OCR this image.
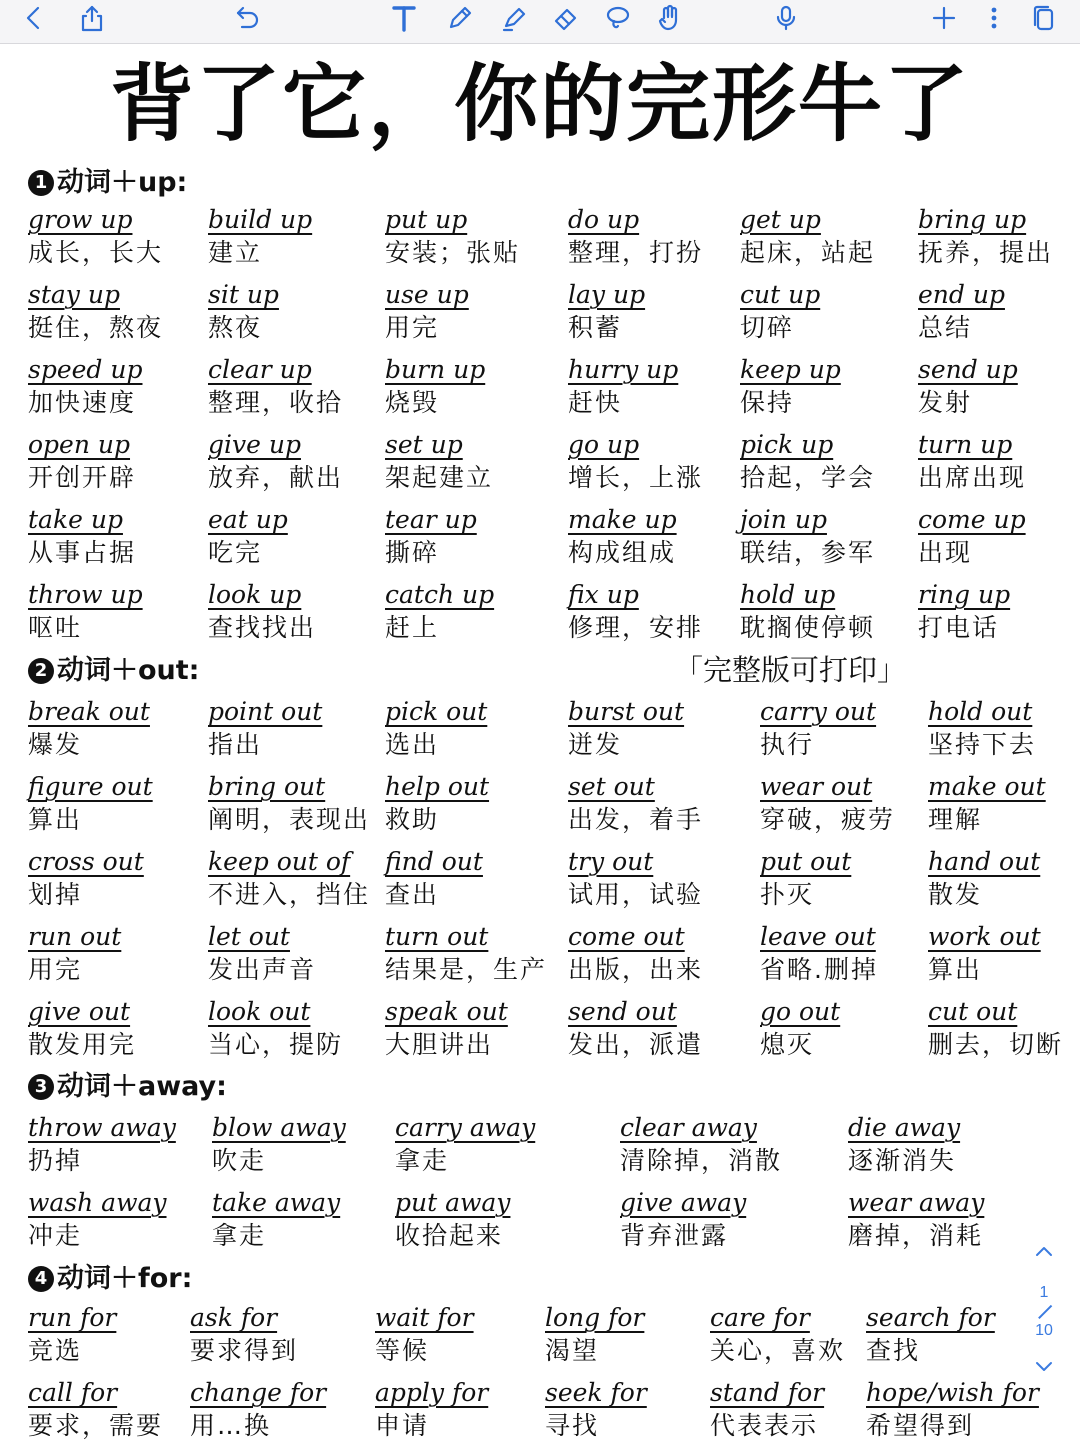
背了它，你的完形牛了
1 动词＋up:
2 动词＋out:	「完整版可打印」
3 动词＋away:
4 动词＋for:
grow up
成长，长大
build up
建立
put up
安装；张贴
do up
整理，打扮
get up
起床，站起
bring up
抚养，提出
stay up
挺住，熬夜
sit up
熬夜
use up
用完
lay up
积蓄
cut up
切碎
end up
总结
speed up
加快速度
clear up
整理，收拾
burn up
烧毁
hurry up
赶快
keep up
保持
send up
发射
open up
开创开辟
give up
放弃，献出
set up
架起建立
go up
增长，上涨
pick up
拾起，学会
turn up
出席出现
take up
从事占据
eat up
吃完
tear up
撕碎
make up
构成组成
join up
联结，参军
come up
出现
throw up
呕吐
look up
查找找出
catch up
赶上
fix up
修理，安排
hold up
耽搁使停顿
ring up
打电话
break out
爆发
point out
指出
pick out
选出
burst out
迸发
carry out
执行
hold out
坚持下去
figure out
算出
bring out
阐明，表现出
help out
救助
set out
出发，着手
wear out
穿破，疲劳
make out
理解
cross out
划掉
keep out of
不进入，挡住
find out
查出
try out
试用，试验
put out
扑灭
hand out
散发
run out
用完
let out
发出声音
turn out
结果是，生产
come out
出版，出来
leave out
省略.删掉
work out
算出
give out
散发用完
look out
当心，提防
speak out
大胆讲出
send out
发出，派遣
go out
熄灭
cut out
删去，切断
throw away
扔掉
blow away
吹走
carry away
拿走
clear away
清除掉，消散
die away
逐渐消失
wash away
冲走
take away
拿走
put away
收拾起来
give away
背弃泄露
wear away
磨掉，消耗
run for
竞选
ask for
要求得到
wait for
等候
long for
渴望
care for
关心，喜欢
search for
查找
call for
要求，需要
change for
用…换
apply for
申请
seek for
寻找
stand for
代表表示
hope/wish for
希望得到
1
10
